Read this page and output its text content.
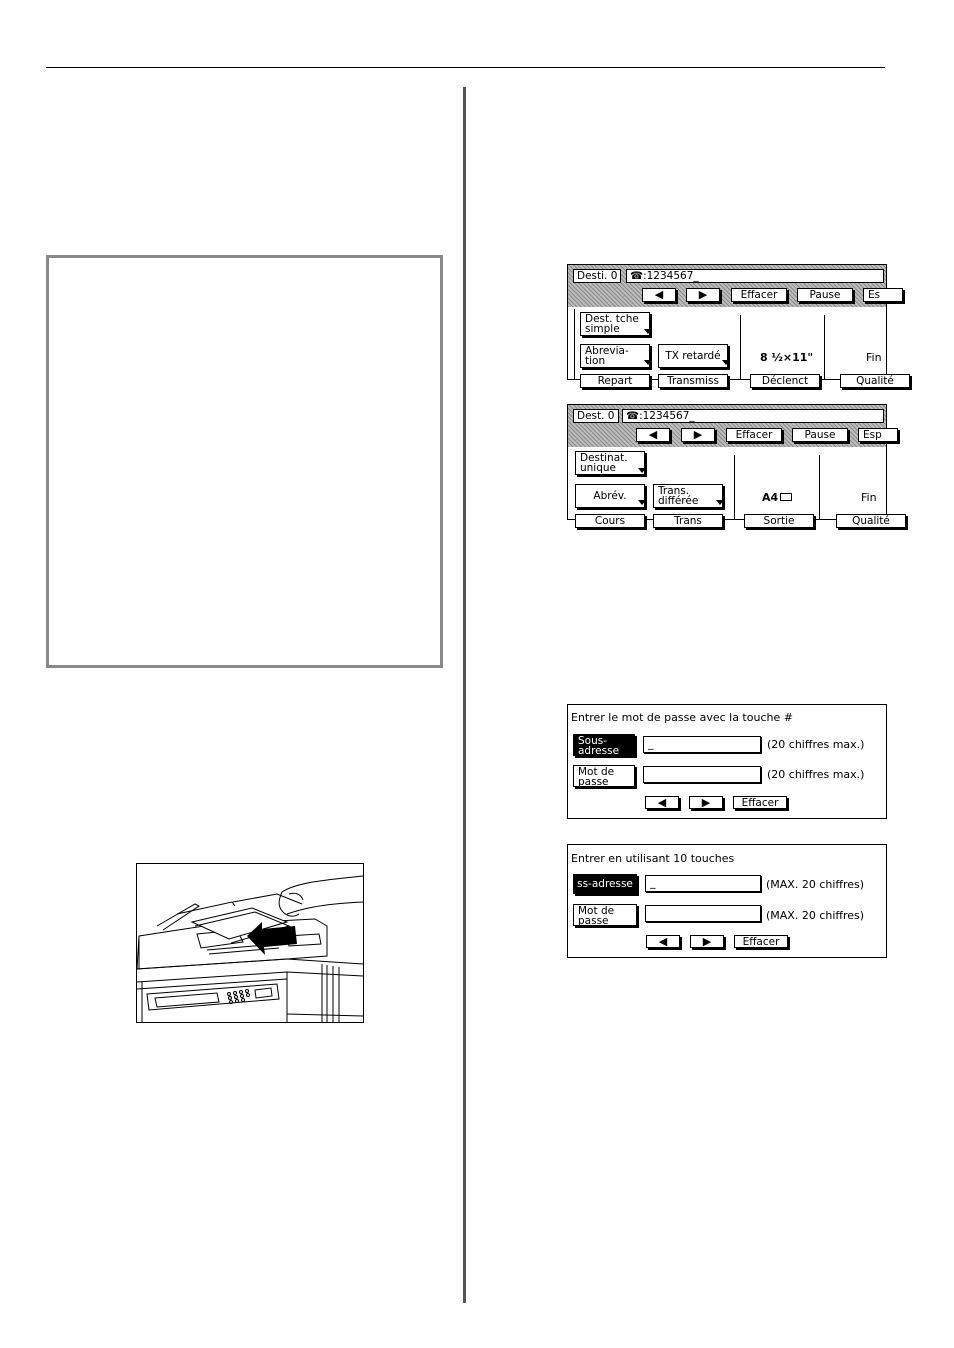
Desti. 0	☎:1234567_
◀	▶	Effacer	Pause	Es
Dest. tche
simple
Abrevia-
tion	TX retardé
Repart	Transmiss
8 ½×11"
Déclenct
Fin
Qualité
Dest. 0	☎:1234567_
◀	▶	Effacer	Pause	Esp
Destinat.
unique
Abrév.	Trans.
différée
Cours	Trans
A4
Sortie
Fin
Qualité
Entrer le mot de passe avec la touche #
Sous-
adresse
_	(20 chiffres max.)
Mot de
passe
(20 chiffres max.)
◀	▶	Effacer
Entrer en utilisant 10 touches
ss-adresse	_	(MAX. 20 chiffres)
Mot de
passe	(MAX. 20 chiffres)
◀	▶	Effacer
